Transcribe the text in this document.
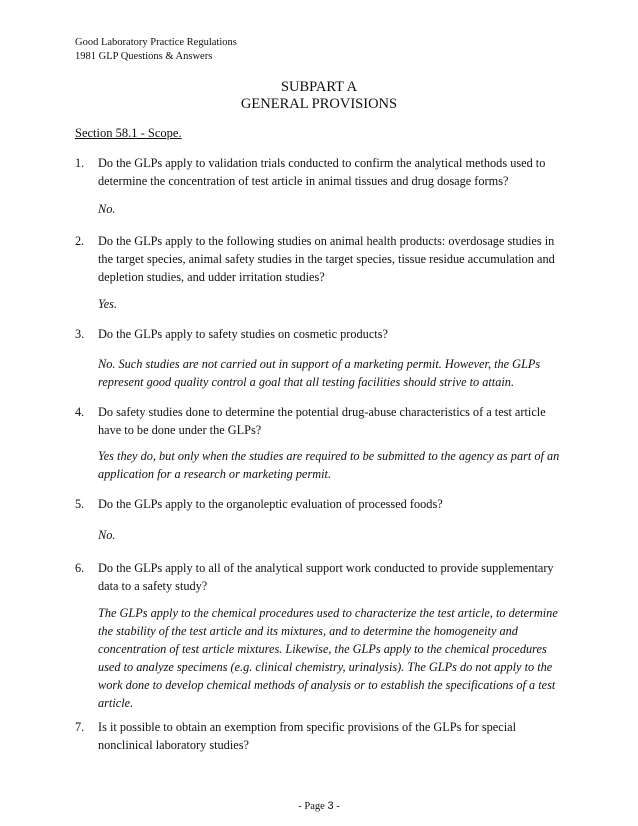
Good Laboratory Practice Regulations
1981 GLP Questions & Answers
SUBPART A
GENERAL PROVISIONS
Section 58.1 - Scope.
1. Do the GLPs apply to validation trials conducted to confirm the analytical methods used to determine the concentration of test article in animal tissues and drug dosage forms?
No.
2. Do the GLPs apply to the following studies on animal health products: overdosage studies in the target species, animal safety studies in the target species, tissue residue accumulation and depletion studies, and udder irritation studies?
Yes.
3. Do the GLPs apply to safety studies on cosmetic products?
No. Such studies are not carried out in support of a marketing permit. However, the GLPs represent good quality control a goal that all testing facilities should strive to attain.
4. Do safety studies done to determine the potential drug-abuse characteristics of a test article have to be done under the GLPs?
Yes they do, but only when the studies are required to be submitted to the agency as part of an application for a research or marketing permit.
5. Do the GLPs apply to the organoleptic evaluation of processed foods?
No.
6. Do the GLPs apply to all of the analytical support work conducted to provide supplementary data to a safety study?
The GLPs apply to the chemical procedures used to characterize the test article, to determine the stability of the test article and its mixtures, and to determine the homogeneity and concentration of test article mixtures. Likewise, the GLPs apply to the chemical procedures used to analyze specimens (e.g. clinical chemistry, urinalysis). The GLPs do not apply to the work done to develop chemical methods of analysis or to establish the specifications of a test article.
7. Is it possible to obtain an exemption from specific provisions of the GLPs for special nonclinical laboratory studies?
- Page 3 -
